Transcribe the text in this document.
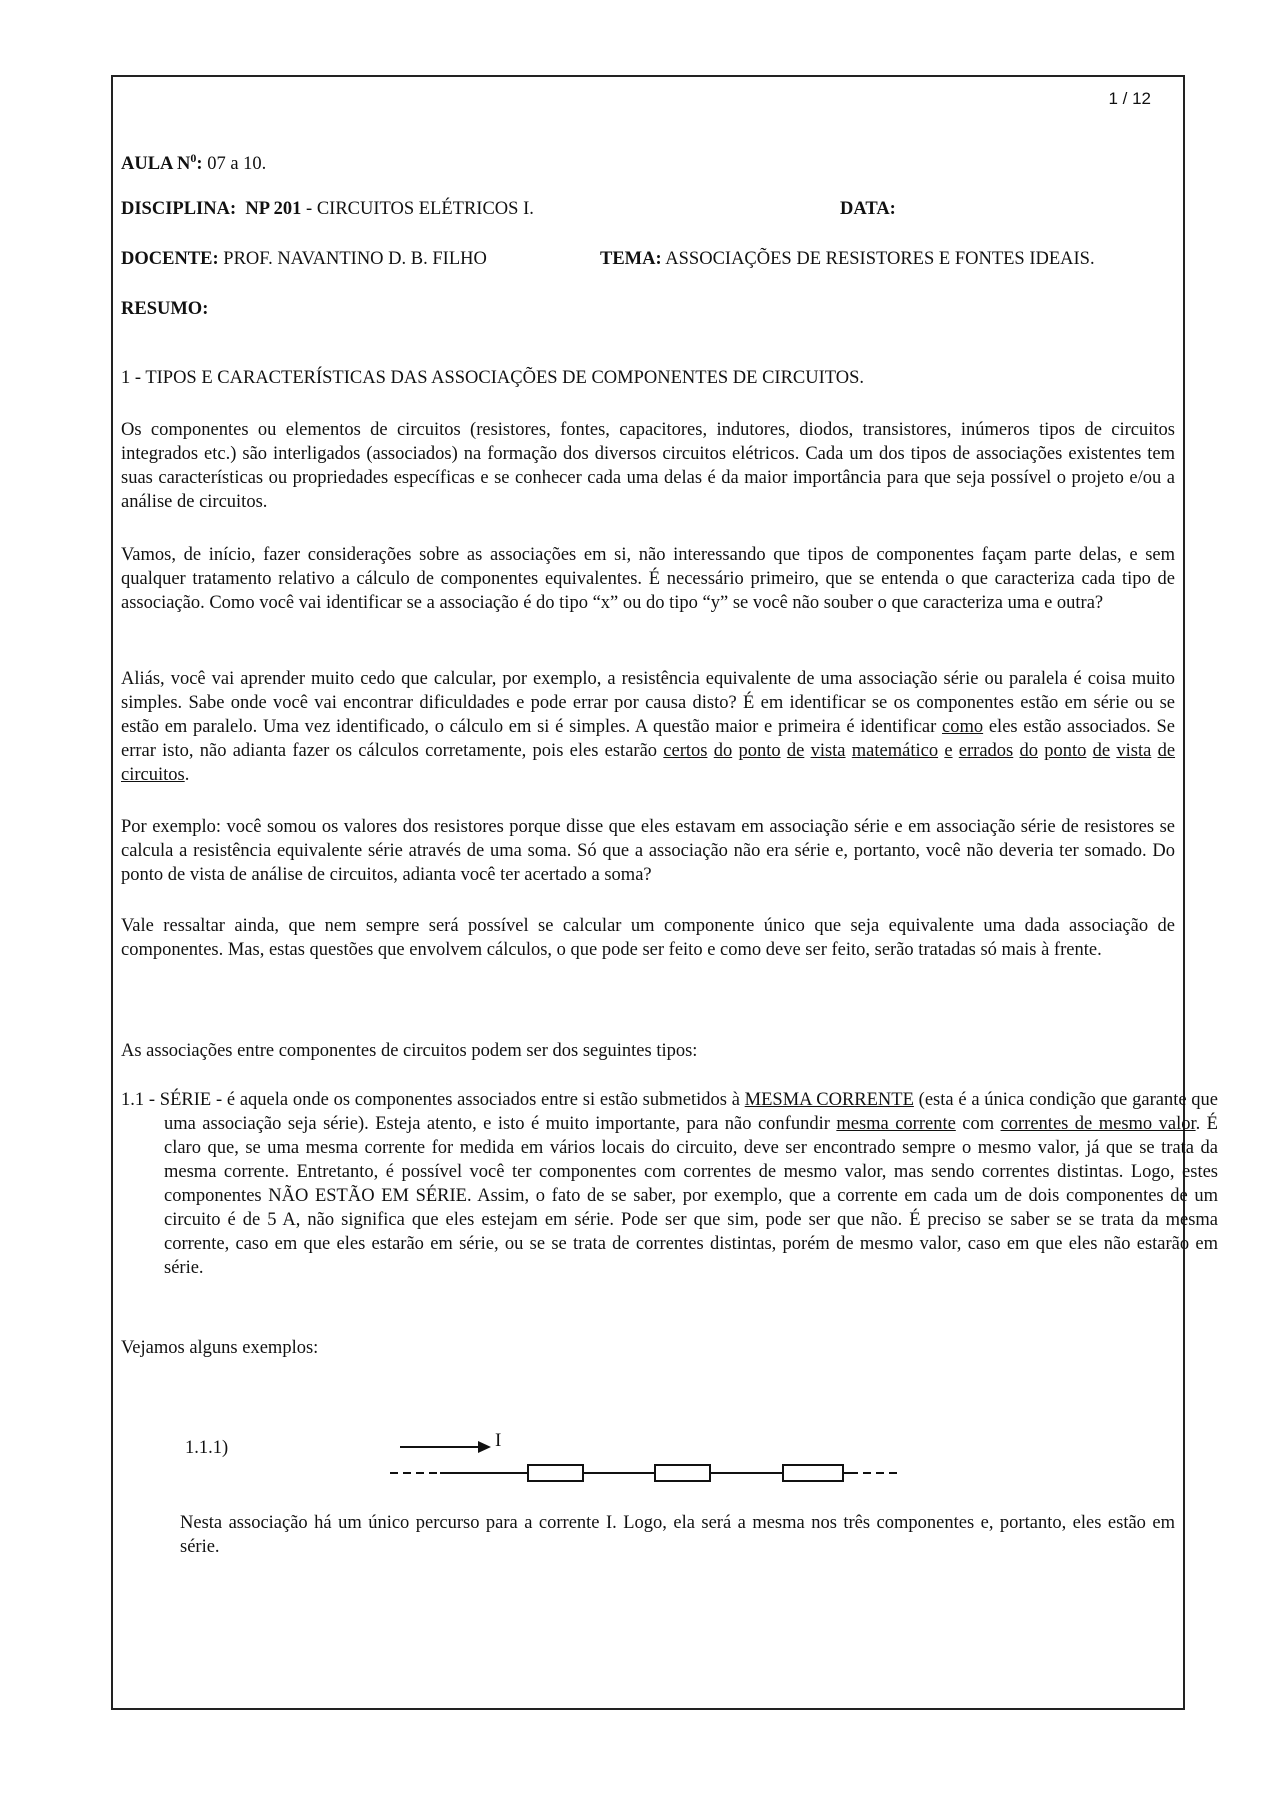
1 / 12
AULA $N^0$: 07 a 10.
DISCIPLINA: NP 201 - CIRCUITOS ELÉTRICOS I.	DATA:
DOCENTE: PROF. NAVANTINO D. B. FILHO	TEMA: ASSOCIAÇÕES DE RESISTORES E FONTES IDEAIS.
RESUMO:
1 - TIPOS E CARACTERÍSTICAS DAS ASSOCIAÇÕES DE COMPONENTES DE CIRCUITOS.
Os componentes ou elementos de circuitos (resistores, fontes, capacitores, indutores, diodos, transistores, inúmeros tipos de circuitos integrados etc.) são interligados (associados) na formação dos diversos circuitos elétricos. Cada um dos tipos de associações existentes tem suas características ou propriedades específicas e se conhecer cada uma delas é da maior importância para que seja possível o projeto e/ou a análise de circuitos.
Vamos, de início, fazer considerações sobre as associações em si, não interessando que tipos de componentes façam parte delas, e sem qualquer tratamento relativo a cálculo de componentes equivalentes. É necessário primeiro, que se entenda o que caracteriza cada tipo de associação. Como você vai identificar se a associação é do tipo “x” ou do tipo “y” se você não souber o que caracteriza uma e outra?
Aliás, você vai aprender muito cedo que calcular, por exemplo, a resistência equivalente de uma associação série ou paralela é coisa muito simples. Sabe onde você vai encontrar dificuldades e pode errar por causa disto? É em identificar se os componentes estão em série ou se estão em paralelo. Uma vez identificado, o cálculo em si é simples. A questão maior e primeira é identificar como eles estão associados. Se errar isto, não adianta fazer os cálculos corretamente, pois eles estarão certos do ponto de vista matemático e errados do ponto de vista de circuitos.
Por exemplo: você somou os valores dos resistores porque disse que eles estavam em associação série e em associação série de resistores se calcula a resistência equivalente série através de uma soma. Só que a associação não era série e, portanto, você não deveria ter somado. Do ponto de vista de análise de circuitos, adianta você ter acertado a soma?
Vale ressaltar ainda, que nem sempre será possível se calcular um componente único que seja equivalente uma dada associação de componentes. Mas, estas questões que envolvem cálculos, o que pode ser feito e como deve ser feito, serão tratadas só mais à frente.
As associações entre componentes de circuitos podem ser dos seguintes tipos:
1.1 - SÉRIE - é aquela onde os componentes associados entre si estão submetidos à MESMA CORRENTE (esta é a única condição que garante que uma associação seja série). Esteja atento, e isto é muito importante, para não confundir mesma corrente com correntes de mesmo valor. É claro que, se uma mesma corrente for medida em vários locais do circuito, deve ser encontrado sempre o mesmo valor, já que se trata da mesma corrente. Entretanto, é possível você ter componentes com correntes de mesmo valor, mas sendo correntes distintas. Logo, estes componentes NÃO ESTÃO EM SÉRIE. Assim, o fato de se saber, por exemplo, que a corrente em cada um de dois componentes de um circuito é de 5 A, não significa que eles estejam em série. Pode ser que sim, pode ser que não. É preciso se saber se se trata da mesma corrente, caso em que eles estarão em série, ou se se trata de correntes distintas, porém de mesmo valor, caso em que eles não estarão em série.
Vejamos alguns exemplos:
1.1.1)	I
Nesta associação há um único percurso para a corrente I. Logo, ela será a mesma nos três componentes e, portanto, eles estão em série.
